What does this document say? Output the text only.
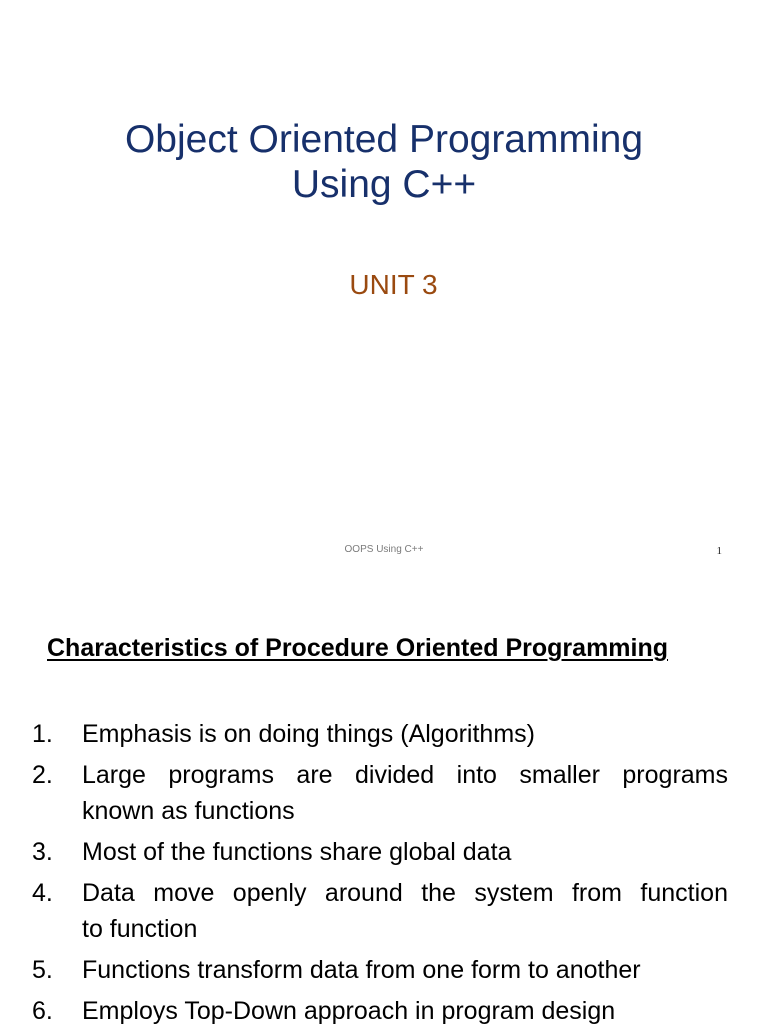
Object Oriented Programming
Using C++
UNIT 3
OOPS Using C++	1
Characteristics of Procedure Oriented Programming
1.	Emphasis is on doing things (Algorithms)
2.	Large programs are divided into smaller programs
known as functions
3.	Most of the functions share global data
4.	Data move openly around the system from function
to function
5.	Functions transform data from one form to another
6.	Employs Top-Down approach in program design
